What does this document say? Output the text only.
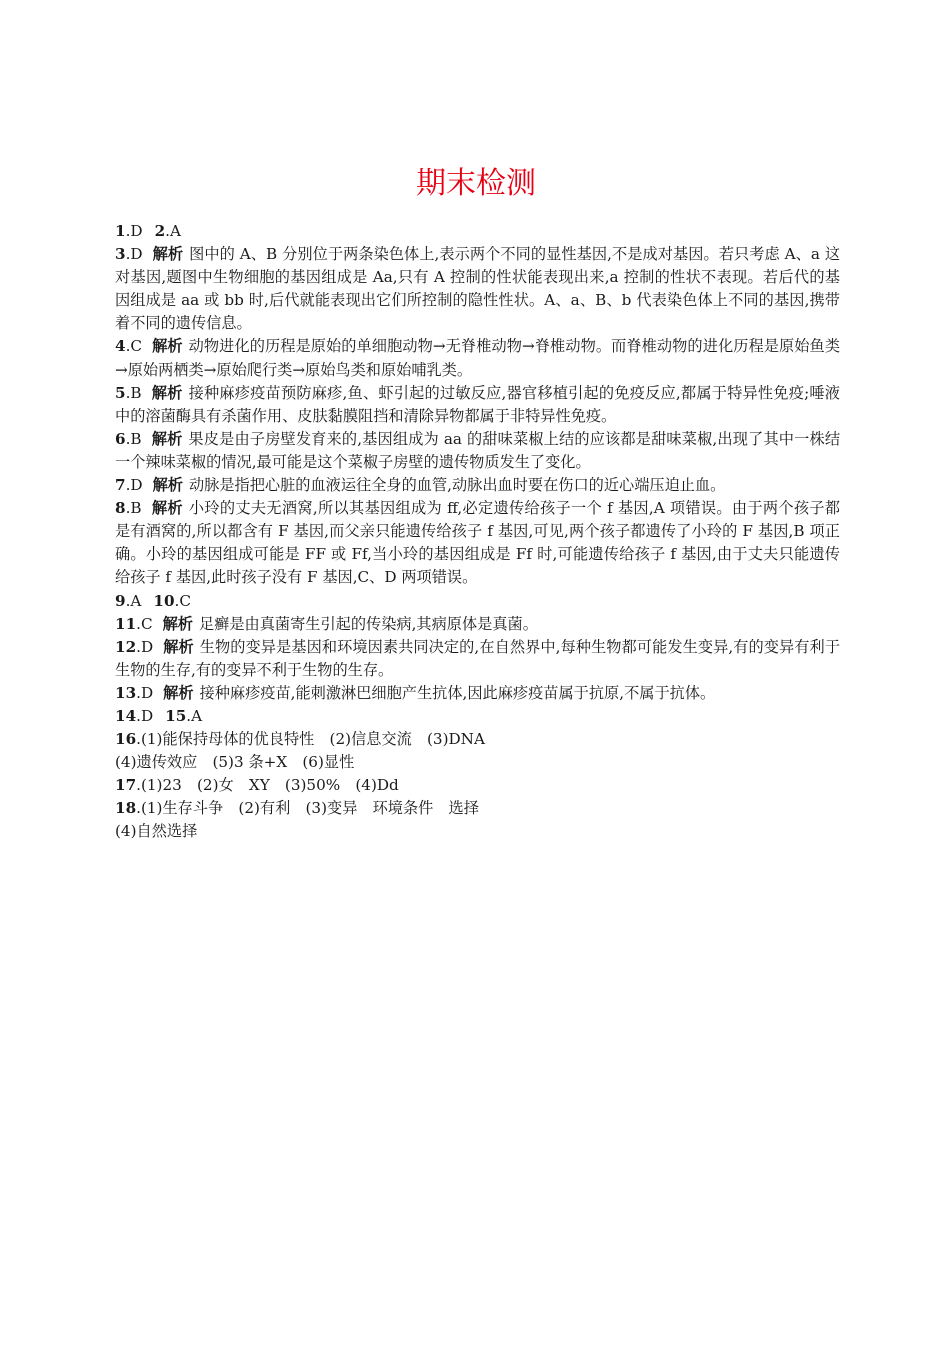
期末检测

1.D 2.A

3.D 解析 图中的 A、B 分别位于两条染色体上,表示两个不同的显性基因,不是成对基因。若只考虑 A、a 这对基因,题图中生物细胞的基因组成是 Aa,只有 A 控制的性状能表现出来,a 控制的性状不表现。若后代的基因组成是 aa 或 bb 时,后代就能表现出它们所控制的隐性性状。A、a、B、b 代表染色体上不同的基因,携带着不同的遗传信息。

4.C 解析 动物进化的历程是原始的单细胞动物→无脊椎动物→脊椎动物。而脊椎动物的进化历程是原始鱼类→原始两栖类→原始爬行类→原始鸟类和原始哺乳类。

5.B 解析 接种麻疹疫苗预防麻疹,鱼、虾引起的过敏反应,器官移植引起的免疫反应,都属于特异性免疫;唾液中的溶菌酶具有杀菌作用、皮肤黏膜阻挡和清除异物都属于非特异性免疫。

6.B 解析 果皮是由子房壁发育来的,基因组成为 aa 的甜味菜椒上结的应该都是甜味菜椒,出现了其中一株结一个辣味菜椒的情况,最可能是这个菜椒子房壁的遗传物质发生了变化。

7.D 解析 动脉是指把心脏的血液运往全身的血管,动脉出血时要在伤口的近心端压迫止血。

8.B 解析 小玲的丈夫无酒窝,所以其基因组成为 ff,必定遗传给孩子一个 f 基因,A 项错误。由于两个孩子都是有酒窝的,所以都含有 F 基因,而父亲只能遗传给孩子 f 基因,可见,两个孩子都遗传了小玲的 F 基因,B 项正确。小玲的基因组成可能是 FF 或 Ff,当小玲的基因组成是 Ff 时,可能遗传给孩子 f 基因,由于丈夫只能遗传给孩子 f 基因,此时孩子没有 F 基因,C、D 两项错误。

9.A 10.C

11.C 解析 足癣是由真菌寄生引起的传染病,其病原体是真菌。

12.D 解析 生物的变异是基因和环境因素共同决定的,在自然界中,每种生物都可能发生变异,有的变异有利于生物的生存,有的变异不利于生物的生存。

13.D 解析 接种麻疹疫苗,能刺激淋巴细胞产生抗体,因此麻疹疫苗属于抗原,不属于抗体。

14.D 15.A

16.(1)能保持母体的优良特性　(2)信息交流　(3)DNA

(4)遗传效应　(5)3 条+X　(6)显性

17.(1)23　(2)女　XY　(3)50%　(4)Dd

18.(1)生存斗争　(2)有利　(3)变异　环境条件　选择

(4)自然选择
